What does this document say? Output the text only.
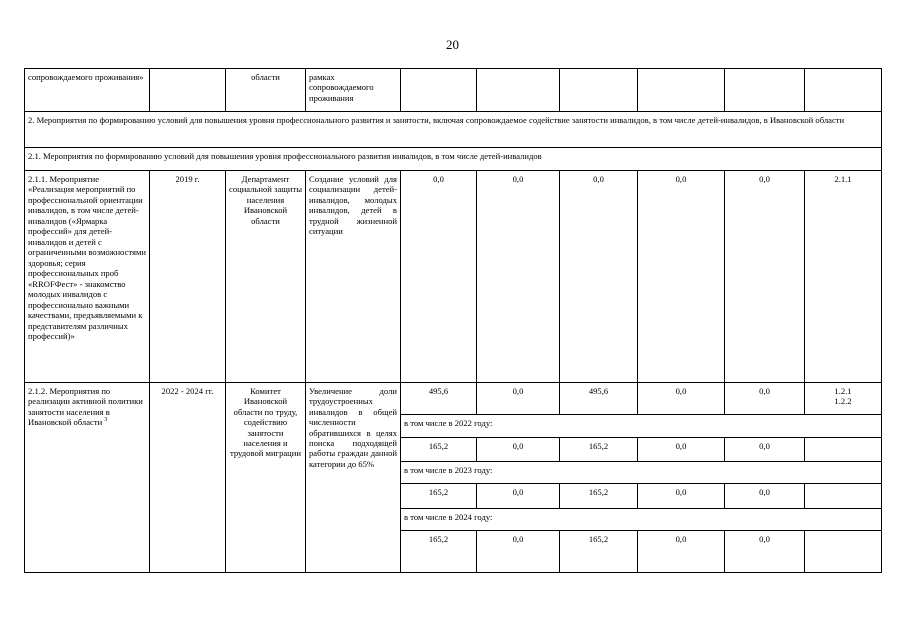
20
сопровождаемого проживания»		области	рамках сопровождаемого проживания						
2. Мероприятия по формированию условий для повышения уровня профессионального развития и занятости, включая сопровождаемое содействие занятости инвалидов, в том числе детей-инвалидов, в Ивановской области									
2.1. Мероприятия по формированию условий для повышения уровня профессионального развития инвалидов, в том числе детей-инвалидов									
2.1.1. Мероприятие «Реализация мероприятий по профессиональной ориентации инвалидов, в том числе детей-инвалидов («Ярмарка профессий» для детей-инвалидов и детей с ограниченными возможностями здоровья; серия профессиональных проб «RROFФест» - знакомство молодых инвалидов с профессионально важными качествами, предъявляемыми к представителям различных профессий)»	2019 г.	Департамент социальной защиты населения Ивановской области	Создание условий для социализации детей-инвалидов, молодых инвалидов, детей в трудной жизненной ситуации	0,0	0,0	0,0	0,0	0,0	2.1.1
2.1.2. Мероприятия по реализации активной политики занятости населения в Ивановской области $^3$	2022 - 2024 гг.	Комитет Ивановской области по труду, содействию занятости населения и трудовой миграции	Увеличение доли трудоустроенных инвалидов в общей численности обратившихся в целях поиска подходящей работы граждан данной категории до 65%	495,6	0,0	495,6	0,0	0,0	1.2.1
1.2.2
				в том числе в 2022 году:					
				165,2	0,0	165,2	0,0	0,0	
				в том числе в 2023 году:					
				165,2	0,0	165,2	0,0	0,0	
				в том числе в 2024 году:					
				165,2	0,0	165,2	0,0	0,0	
